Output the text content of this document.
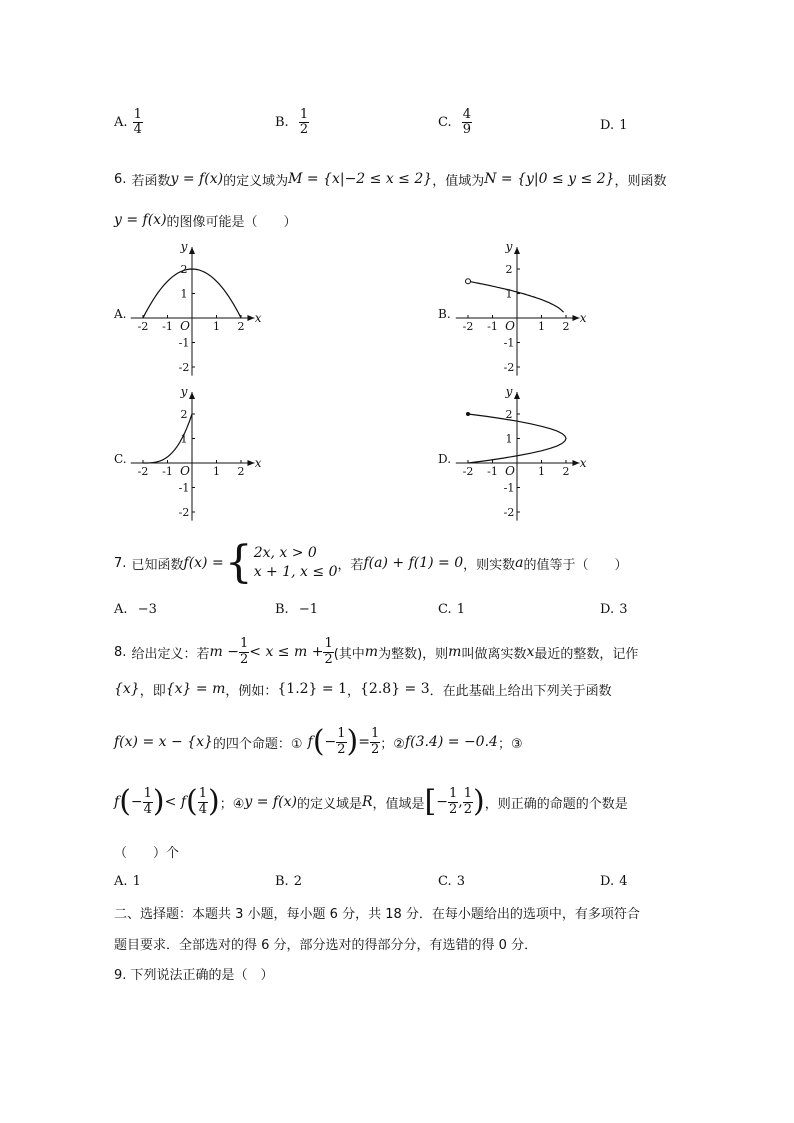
A.
$\frac{1}{4}$	B.
$\frac{1}{2}$	C.
$\frac{4}{9}$	D.
1
6.
若函数 y = f(x) 的定义域为 M = {x|−2 ≤ x ≤ 2} ，值域为 N = {y|0 ≤ y ≤ 2} ，则函数
y = f(x) 的图像可能是（　　）
x
y
O
-2 -1	1 2
2
1
-1
-2
A.	x
y
O
-2 -1	1 2
2
1
-1
-2
B.
x
y
O
-2 -1	1 2
2
1
-1
-2
C.	x
y
O
-2 -1	1 2
2
1
-1
-2
D.
7.
已知函数 f(x) = { 2x, x > 0
x + 1, x ≤ 0 ，若 f(a) + f(1) = 0 ，则实数 a 的值等于（　　）
A.
−3	B.
−1	C.
1	D.
3
8.
给出定义：若 $m - \frac{1}{2} < x \le m + \frac{1}{2}$ (其中 m 为整数)，则 m 叫做离实数 x 最近的整数，记作
{x} ，即 {x} = m ，例如： {1.2} = 1 ， {2.8} = 3 ．在此基础上给出下列关于函数
f(x) = x − {x} 的四个命题：①
f ( − $\frac{1}{2}$ ) = $\frac{1}{2}$ ；② f(3.4) = −0.4 ；③
f ( − $\frac{1}{4}$ ) < f ( $\frac{1}{4}$ ) ；④ y = f(x) 的定义域是 R ，值域是 [ − $\frac{1}{2}$ , $\frac{1}{2}$ ) ，则正确的命题的个数是
（　　）个
A.
1	B.
2	C.
3	D.
4
二、选择题：本题共 3 小题，每小题 6 分，共 18 分．在每小题给出的选项中，有多项符合
题目要求．全部选对的得 6 分，部分选对的得部分分，有选错的得 0 分．
9. 下列说法正确的是（　）
